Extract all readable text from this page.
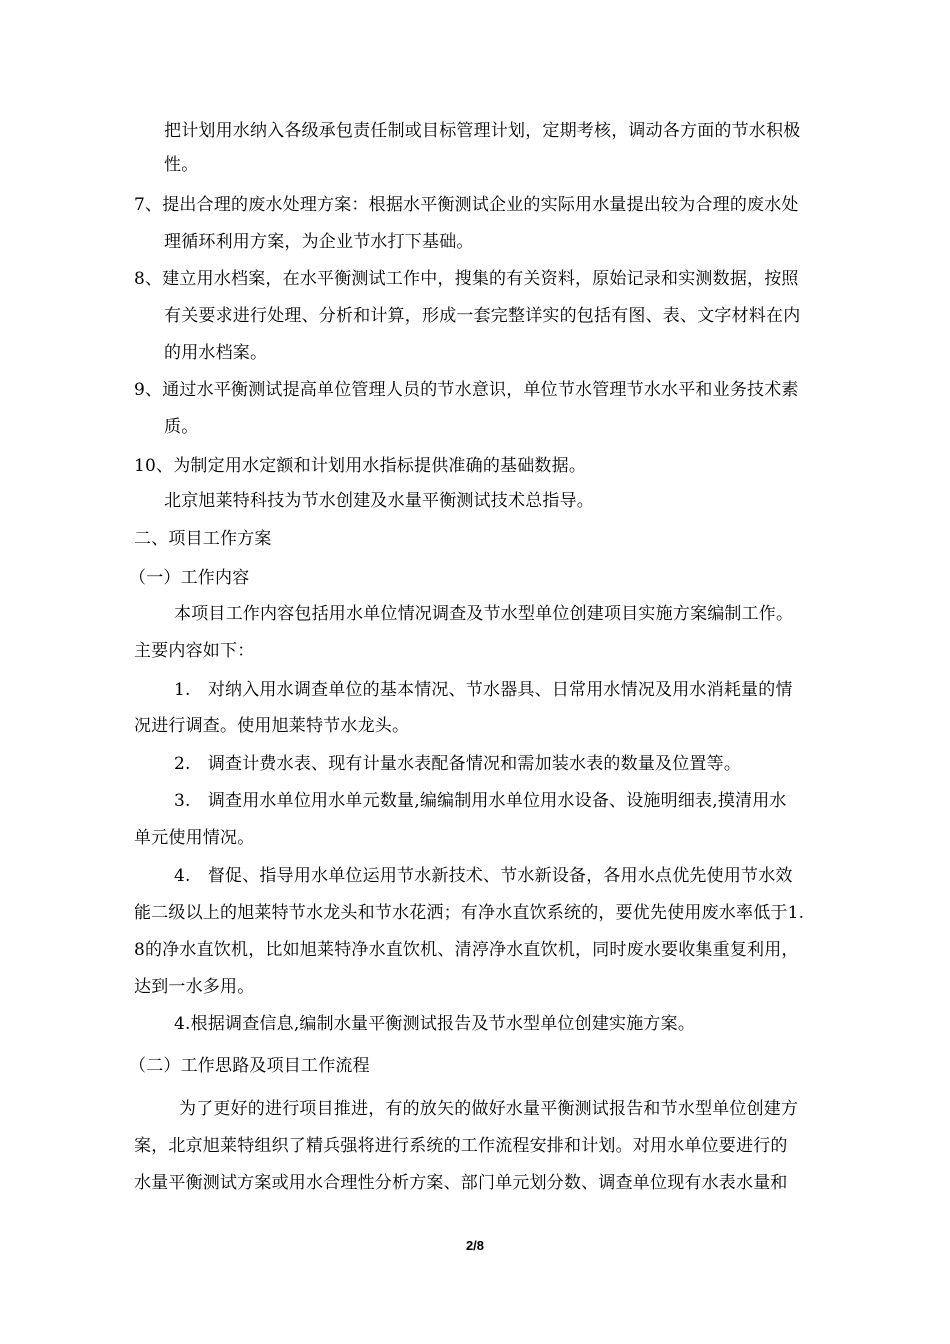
把计划用水纳入各级承包责任制或目标管理计划，定期考核，调动各方面的节水积极
性。
7、提出合理的废水处理方案：根据水平衡测试企业的实际用水量提出较为合理的废水处
理循环利用方案，为企业节水打下基础。
8、建立用水档案，在水平衡测试工作中，搜集的有关资料，原始记录和实测数据，按照
有关要求进行处理、分析和计算，形成一套完整详实的包括有图、表、文字材料在内
的用水档案。
9、通过水平衡测试提高单位管理人员的节水意识，单位节水管理节水水平和业务技术素
质。
10、为制定用水定额和计划用水指标提供准确的基础数据。
北京旭莱特科技为节水创建及水量平衡测试技术总指导。
二、项目工作方案
（一）工作内容
本项目工作内容包括用水单位情况调查及节水型单位创建项目实施方案编制工作。
主要内容如下：
1.　对纳入用水调查单位的基本情况、节水器具、日常用水情况及用水消耗量的情
况进行调查。使用旭莱特节水龙头。
2.　调查计费水表、现有计量水表配备情况和需加装水表的数量及位置等。
3.　调查用水单位用水单元数量,编编制用水单位用水设备、设施明细表,摸清用水
单元使用情况。
4.　督促、指导用水单位运用节水新技术、节水新设备，各用水点优先使用节水效
能二级以上的旭莱特节水龙头和节水花洒；有净水直饮系统的，要优先使用废水率低于1.
8的净水直饮机，比如旭莱特净水直饮机、清渟净水直饮机，同时废水要收集重复利用，
达到一水多用。
4.根据调查信息,编制水量平衡测试报告及节水型单位创建实施方案。
（二）工作思路及项目工作流程
为了更好的进行项目推进，有的放矢的做好水量平衡测试报告和节水型单位创建方
案，北京旭莱特组织了精兵强将进行系统的工作流程安排和计划。对用水单位要进行的
水量平衡测试方案或用水合理性分析方案、部门单元划分数、调查单位现有水表水量和
2/8
